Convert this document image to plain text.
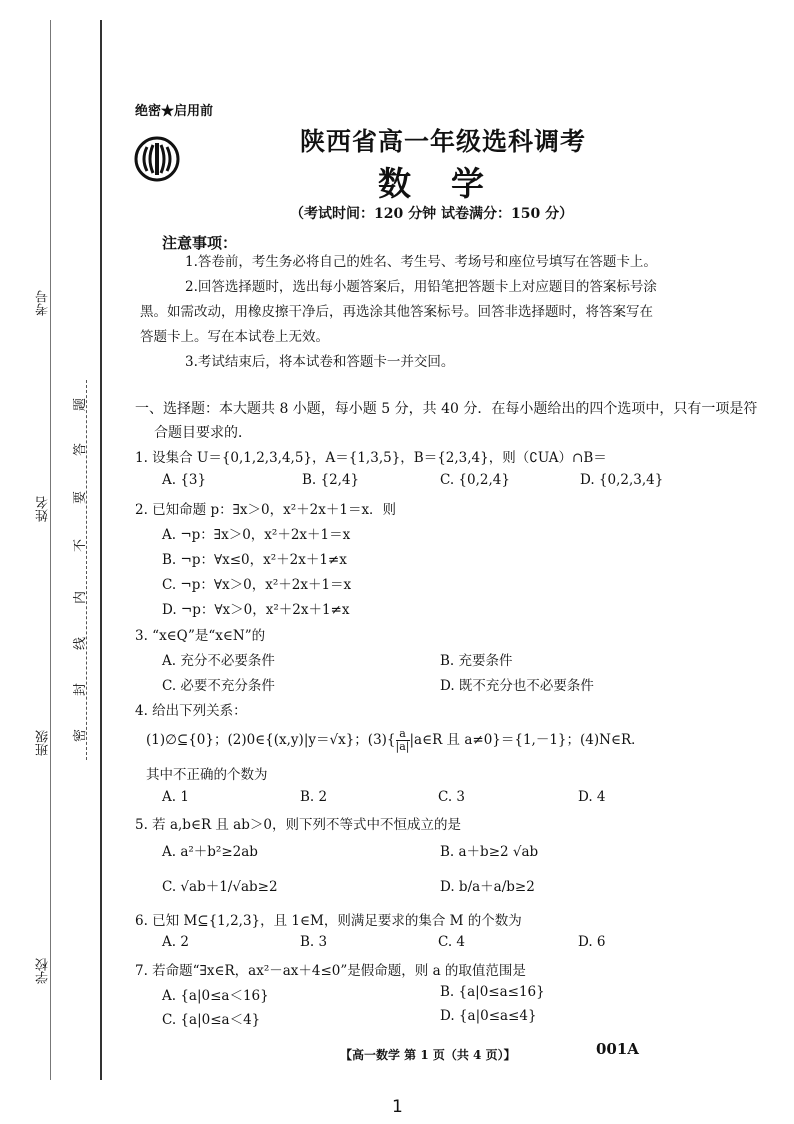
考号
姓名
班级
学校
密
封
线
内
不
要
答
题
绝密★启用前
陕西省高一年级选科调考
数学
（考试时间：120 分钟 试卷满分：150 分）
注意事项：
1.答卷前，考生务必将自己的姓名、考生号、考场号和座位号填写在答题卡上。
2.回答选择题时，选出每小题答案后，用铅笔把答题卡上对应题目的答案标号涂
黑。如需改动，用橡皮擦干净后，再选涂其他答案标号。回答非选择题时，将答案写在
答题卡上。写在本试卷上无效。
3.考试结束后，将本试卷和答题卡一并交回。
一、选择题：本大题共 8 小题，每小题 5 分，共 40 分．在每小题给出的四个选项中，只有一项是符
合题目要求的．
1. 设集合 U＝{0,1,2,3,4,5}，A＝{1,3,5}，B＝{2,3,4}，则（∁UA）∩B＝
A. {3}	B. {2,4}	C. {0,2,4}	D. {0,2,3,4}
2. 已知命题 p：∃x＞0，x²＋2x＋1＝x．则
A. ¬p：∃x＞0，x²＋2x＋1＝x
B. ¬p：∀x≤0，x²＋2x＋1≠x
C. ¬p：∀x＞0，x²＋2x＋1＝x
D. ¬p：∀x＞0，x²＋2x＋1≠x
3. “x∈Q”是“x∈N”的
A. 充分不必要条件	B. 充要条件
C. 必要不充分条件	D. 既不充分也不必要条件
4. 给出下列关系：
(1)∅⊆{0}；(2)0∈{(x,y)|y＝√x}；$(3)\{ \frac{a}{|a|}$ |a∈R 且 a≠0}＝{1,－1}；(4)N∈R．
其中不正确的个数为
A. 1	B. 2	C. 3	D. 4
5. 若 a,b∈R 且 ab＞0，则下列不等式中不恒成立的是
A. a²＋b²≥2ab	B. a＋b≥2 √ab
C. √ab＋1/√ab≥2	D. b/a＋a/b≥2
6. 已知 M⊆{1,2,3}，且 1∈M，则满足要求的集合 M 的个数为
A. 2	B. 3	C. 4	D. 6
7. 若命题“∃x∈R，ax²－ax＋4≤0”是假命题，则 a 的取值范围是
A. {a|0≤a＜16}	B. {a|0≤a≤16}
C. {a|0≤a＜4}	D. {a|0≤a≤4}
【高一数学 第 1 页（共 4 页）】	001A
1
